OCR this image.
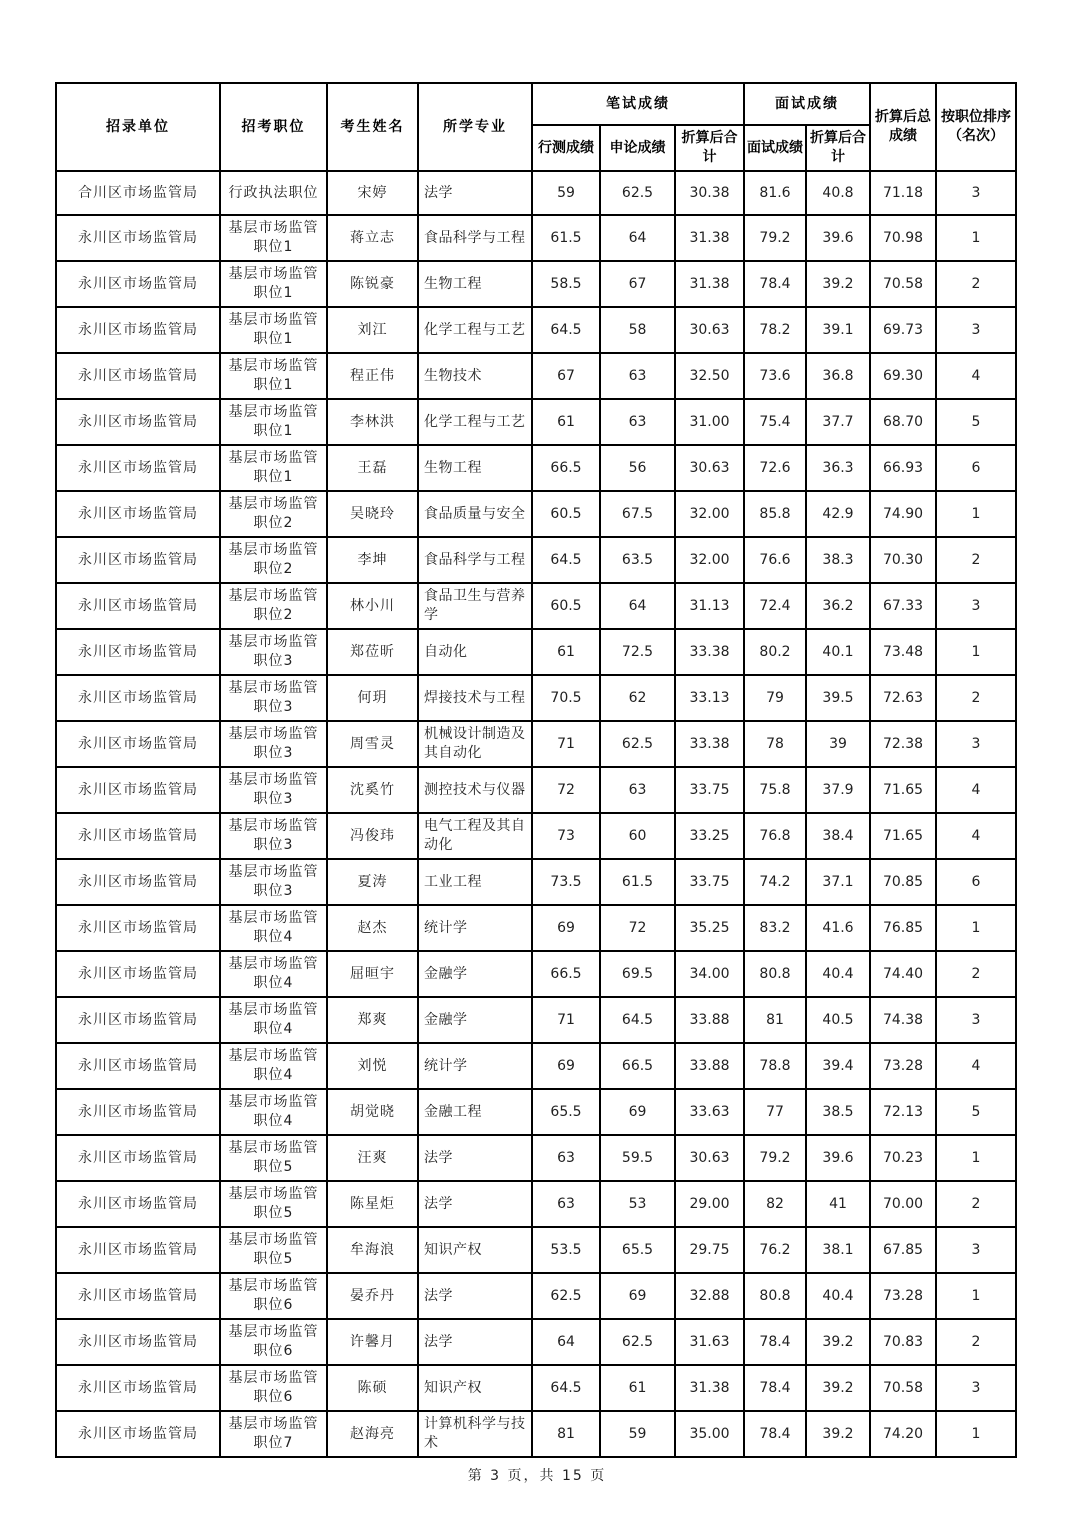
招录单位	招考职位	考生姓名	所学专业	笔试成绩			面试成绩		折算后总成绩	按职位排序（名次）
				行测成绩	申论成绩	折算后合计	面试成绩	折算后合计		
合川区市场监管局	行政执法职位	宋婷	法学	59	62.5	30.38	81.6	40.8	71.18	3
永川区市场监管局	基层市场监管职位1	蒋立志	食品科学与工程	61.5	64	31.38	79.2	39.6	70.98	1
永川区市场监管局	基层市场监管职位1	陈锐豪	生物工程	58.5	67	31.38	78.4	39.2	70.58	2
永川区市场监管局	基层市场监管职位1	刘江	化学工程与工艺	64.5	58	30.63	78.2	39.1	69.73	3
永川区市场监管局	基层市场监管职位1	程正伟	生物技术	67	63	32.50	73.6	36.8	69.30	4
永川区市场监管局	基层市场监管职位1	李林洪	化学工程与工艺	61	63	31.00	75.4	37.7	68.70	5
永川区市场监管局	基层市场监管职位1	王磊	生物工程	66.5	56	30.63	72.6	36.3	66.93	6
永川区市场监管局	基层市场监管职位2	吴晓玲	食品质量与安全	60.5	67.5	32.00	85.8	42.9	74.90	1
永川区市场监管局	基层市场监管职位2	李坤	食品科学与工程	64.5	63.5	32.00	76.6	38.3	70.30	2
永川区市场监管局	基层市场监管职位2	林小川	食品卫生与营养学	60.5	64	31.13	72.4	36.2	67.33	3
永川区市场监管局	基层市场监管职位3	郑莅昕	自动化	61	72.5	33.38	80.2	40.1	73.48	1
永川区市场监管局	基层市场监管职位3	何玥	焊接技术与工程	70.5	62	33.13	79	39.5	72.63	2
永川区市场监管局	基层市场监管职位3	周雪灵	机械设计制造及其自动化	71	62.5	33.38	78	39	72.38	3
永川区市场监管局	基层市场监管职位3	沈奚竹	测控技术与仪器	72	63	33.75	75.8	37.9	71.65	4
永川区市场监管局	基层市场监管职位3	冯俊玮	电气工程及其自动化	73	60	33.25	76.8	38.4	71.65	4
永川区市场监管局	基层市场监管职位3	夏涛	工业工程	73.5	61.5	33.75	74.2	37.1	70.85	6
永川区市场监管局	基层市场监管职位4	赵杰	统计学	69	72	35.25	83.2	41.6	76.85	1
永川区市场监管局	基层市场监管职位4	屈晅宇	金融学	66.5	69.5	34.00	80.8	40.4	74.40	2
永川区市场监管局	基层市场监管职位4	郑爽	金融学	71	64.5	33.88	81	40.5	74.38	3
永川区市场监管局	基层市场监管职位4	刘悦	统计学	69	66.5	33.88	78.8	39.4	73.28	4
永川区市场监管局	基层市场监管职位4	胡觉晓	金融工程	65.5	69	33.63	77	38.5	72.13	5
永川区市场监管局	基层市场监管职位5	汪爽	法学	63	59.5	30.63	79.2	39.6	70.23	1
永川区市场监管局	基层市场监管职位5	陈星炬	法学	63	53	29.00	82	41	70.00	2
永川区市场监管局	基层市场监管职位5	牟海浪	知识产权	53.5	65.5	29.75	76.2	38.1	67.85	3
永川区市场监管局	基层市场监管职位6	晏乔丹	法学	62.5	69	32.88	80.8	40.4	73.28	1
永川区市场监管局	基层市场监管职位6	许馨月	法学	64	62.5	31.63	78.4	39.2	70.83	2
永川区市场监管局	基层市场监管职位6	陈硕	知识产权	64.5	61	31.38	78.4	39.2	70.58	3
永川区市场监管局	基层市场监管职位7	赵海亮	计算机科学与技术	81	59	35.00	78.4	39.2	74.20	1
第 3 页，共 15 页
